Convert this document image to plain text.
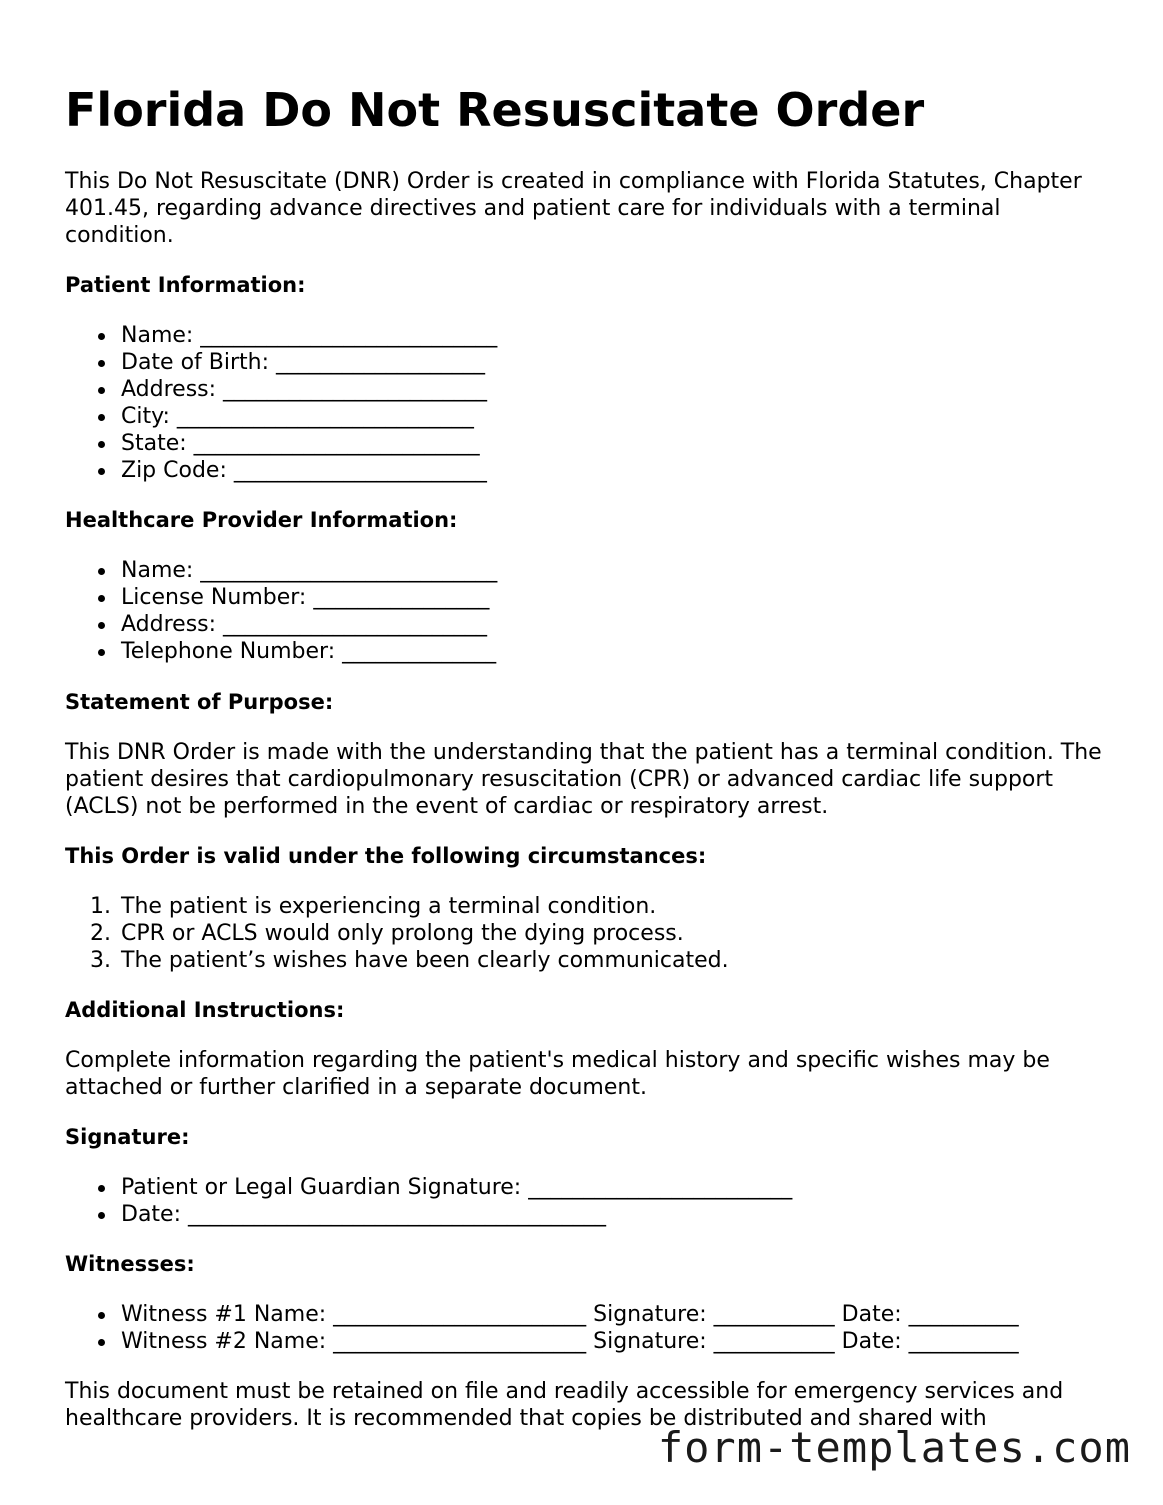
Florida Do Not Resuscitate Order

This Do Not Resuscitate (DNR) Order is created in compliance with Florida Statutes, Chapter 401.45, regarding advance directives and patient care for individuals with a terminal condition.

Patient Information:
Name: ___________________________
Date of Birth: ___________________
Address: ________________________
City: ___________________________
State: __________________________
Zip Code: _______________________
Healthcare Provider Information:
Name: ___________________________
License Number: ________________
Address: ________________________
Telephone Number: ______________
Statement of Purpose:

This DNR Order is made with the understanding that the patient has a terminal condition. The patient desires that cardiopulmonary resuscitation (CPR) or advanced cardiac life support (ACLS) not be performed in the event of cardiac or respiratory arrest.

This Order is valid under the following circumstances:
1. The patient is experiencing a terminal condition.
2. CPR or ACLS would only prolong the dying process.
3. The patient’s wishes have been clearly communicated.
Additional Instructions:

Complete information regarding the patient's medical history and specific wishes may be attached or further clarified in a separate document.

Signature:
Patient or Legal Guardian Signature: ________________________
Date: ______________________________________
Witnesses:
Witness #1 Name: _______________________ Signature: ___________ Date: __________
Witness #2 Name: _______________________ Signature: ___________ Date: __________

This document must be retained on file and readily accessible for emergency services and healthcare providers. It is recommended that copies be distributed and shared with

form-templates.com
